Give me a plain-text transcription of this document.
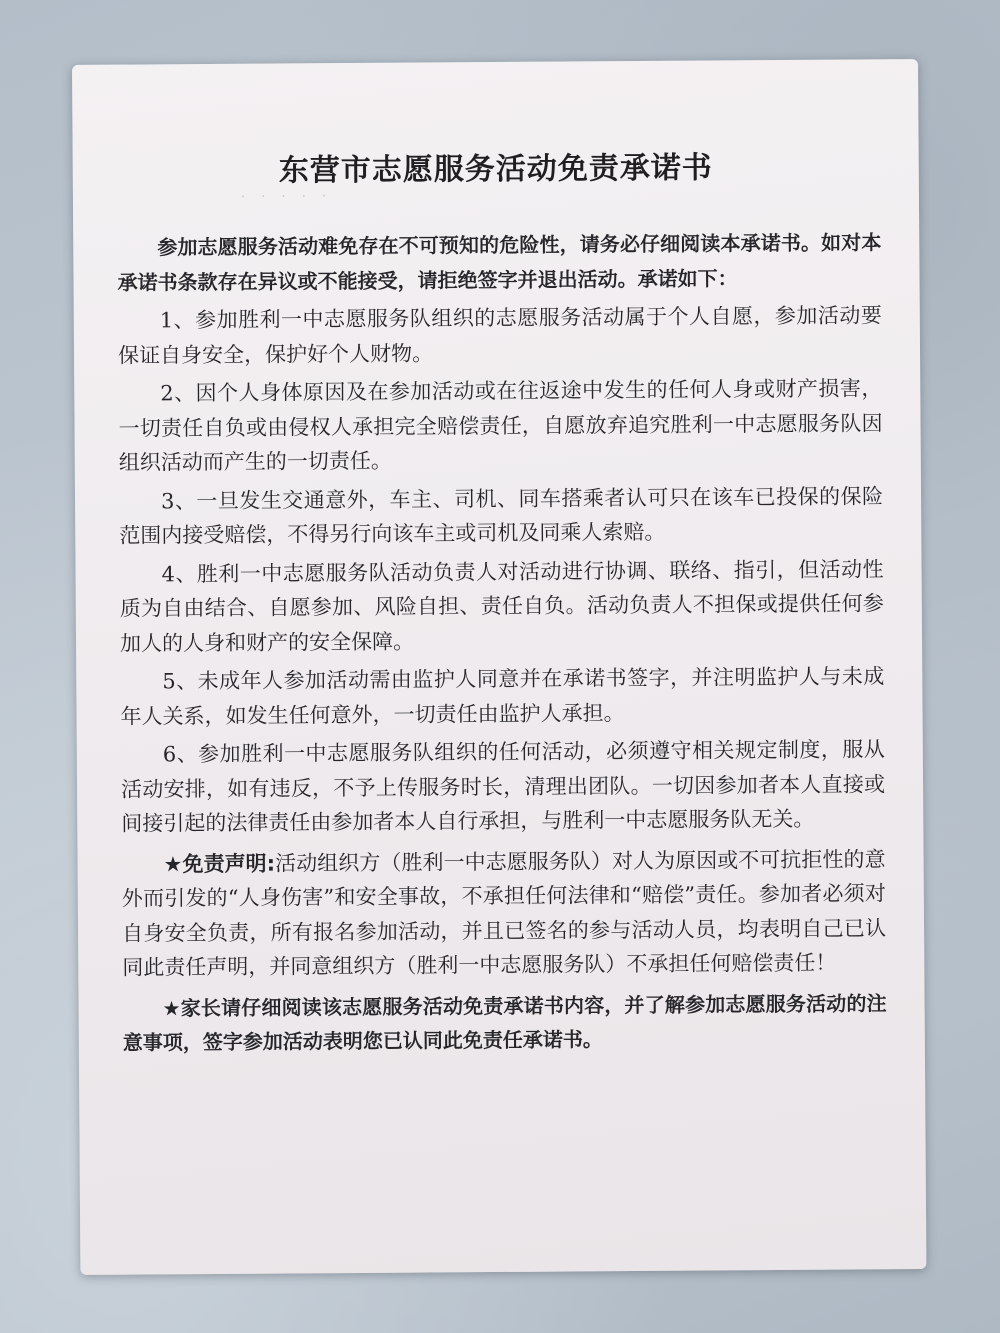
东营市志愿服务活动免责承诺书
· · · · ·

参加志愿服务活动难免存在不可预知的危险性，请务必仔细阅读本承诺书。如对本承诺书条款存在异议或不能接受，请拒绝签字并退出活动。承诺如下：

1、参加胜利一中志愿服务队组织的志愿服务活动属于个人自愿，参加活动要保证自身安全，保护好个人财物。

2、因个人身体原因及在参加活动或在往返途中发生的任何人身或财产损害，一切责任自负或由侵权人承担完全赔偿责任，自愿放弃追究胜利一中志愿服务队因组织活动而产生的一切责任。

3、一旦发生交通意外，车主、司机、同车搭乘者认可只在该车已投保的保险范围内接受赔偿，不得另行向该车主或司机及同乘人索赔。

4、胜利一中志愿服务队活动负责人对活动进行协调、联络、指引，但活动性质为自由结合、自愿参加、风险自担、责任自负。活动负责人不担保或提供任何参加人的人身和财产的安全保障。

5、未成年人参加活动需由监护人同意并在承诺书签字，并注明监护人与未成年人关系，如发生任何意外，一切责任由监护人承担。

6、参加胜利一中志愿服务队组织的任何活动，必须遵守相关规定制度，服从活动安排，如有违反，不予上传服务时长，清理出团队。一切因参加者本人直接或间接引起的法律责任由参加者本人自行承担，与胜利一中志愿服务队无关。

★免责声明:活动组织方（胜利一中志愿服务队）对人为原因或不可抗拒性的意外而引发的“人身伤害”和安全事故，不承担任何法律和“赔偿”责任。参加者必须对自身安全负责，所有报名参加活动，并且已签名的参与活动人员，均表明自己已认同此责任声明，并同意组织方（胜利一中志愿服务队）不承担任何赔偿责任！

★家长请仔细阅读该志愿服务活动免责承诺书内容，并了解参加志愿服务活动的注意事项，签字参加活动表明您已认同此免责任承诺书。
